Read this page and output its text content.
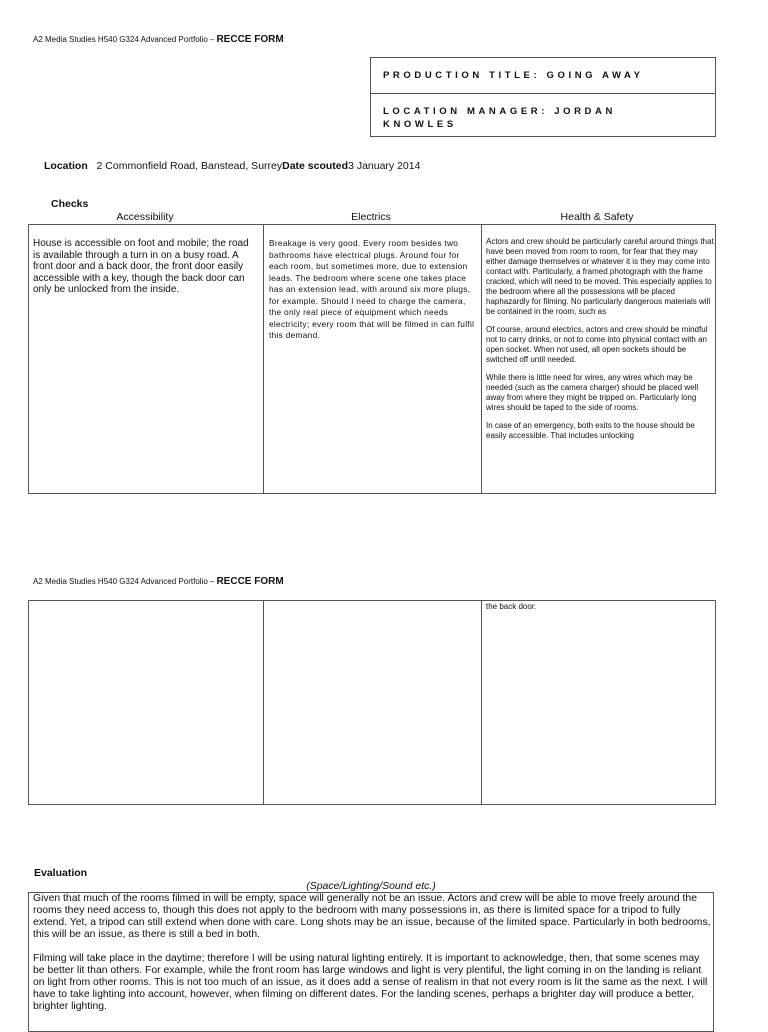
A2 Media Studies H540 G324 Advanced Portfolio – RECCE FORM
PRODUCTION TITLE: GOING AWAY
LOCATION MANAGER: JORDAN KNOWLES
Location 2 Commonfield Road, Banstead, SurreyDate scouted3 January 2014
Checks
Accessibility	Electrics	Health & Safety
House is accessible on foot and mobile; the road is available through a turn in on a busy road. A front door and a back door, the front door easily accessible with a key, though the back door can only be unlocked from the inside.
Breakage is very good. Every room besides two bathrooms have electrical plugs. Around four for each room, but sometimes more, due to extension leads. The bedroom where scene one takes place has an extension lead, with around six more plugs, for example. Should I need to charge the camera, the only real piece of equipment which needs electricity; every room that will be filmed in can fulfil this demand.

Actors and crew should be particularly careful around things that have been moved from room to room, for fear that they may either damage themselves or whatever it is they may come into contact with. Particularly, a framed photograph with the frame cracked, which will need to be moved. This especially applies to the bedroom where all the possessions will be placed haphazardly for filming. No particularly dangerous materials will be contained in the room, such as

Of course, around electrics, actors and crew should be mindful not to carry drinks, or not to come into physical contact with an open socket. When not used, all open sockets should be switched off until needed.

While there is little need for wires, any wires which may be needed (such as the camera charger) should be placed well away from where they might be tripped on. Particularly long wires should be taped to the side of rooms.

In case of an emergency, both exits to the house should be easily accessible. That includes unlocking

A2 Media Studies H540 G324 Advanced Portfolio – RECCE FORM
the back door.
Evaluation
(Space/Lighting/Sound etc.)

Given that much of the rooms filmed in will be empty, space will generally not be an issue. Actors and crew will be able to move freely around the rooms they need access to, though this does not apply to the bedroom with many possessions in, as there is limited space for a tripod to fully extend. Yet, a tripod can still extend when done with care. Long shots may be an issue, because of the limited space. Particularly in both bedrooms, this will be an issue, as there is still a bed in both.

Filming will take place in the daytime; therefore I will be using natural lighting entirely. It is important to acknowledge, then, that some scenes may be better lit than others. For example, while the front room has large windows and light is very plentiful, the light coming in on the landing is reliant on light from other rooms. This is not too much of an issue, as it does add a sense of realism in that not every room is lit the same as the next. I will have to take lighting into account, however, when filming on different dates. For the landing scenes, perhaps a brighter day will produce a better, brighter lighting.
